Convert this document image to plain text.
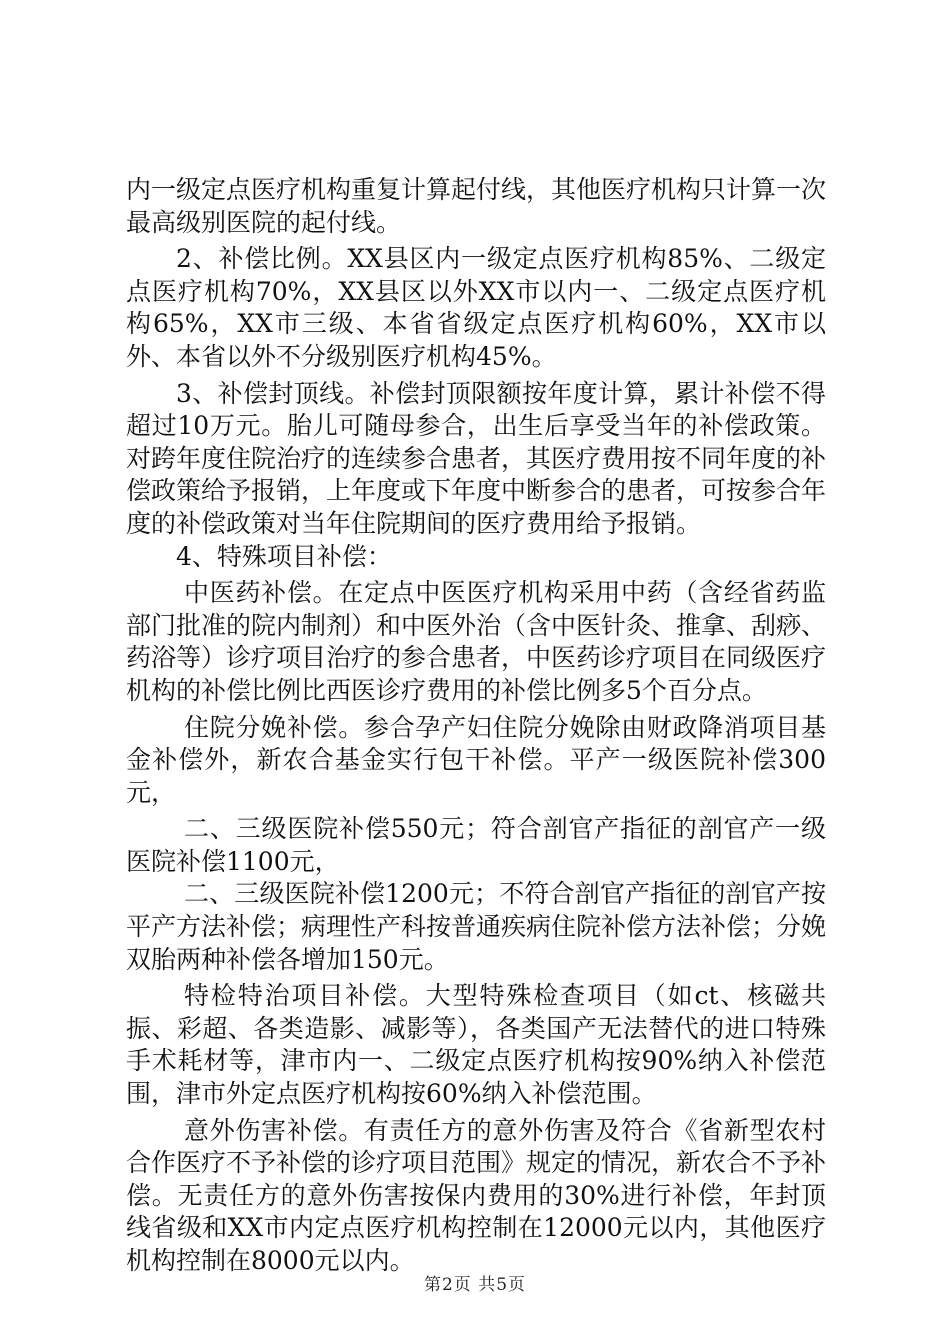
内一级定点医疗机构重复计算起付线，其他医疗机构只计算一次最高级别医院的起付线。

2、补偿比例。XX县区内一级定点医疗机构85%、二级定点医疗机构70%，XX县区以外XX市以内一、二级定点医疗机构65%，XX市三级、本省省级定点医疗机构60%，XX市以外、本省以外不分级别医疗机构45%。

3、补偿封顶线。补偿封顶限额按年度计算，累计补偿不得超过10万元。胎儿可随母参合，出生后享受当年的补偿政策。对跨年度住院治疗的连续参合患者，其医疗费用按不同年度的补偿政策给予报销，上年度或下年度中断参合的患者，可按参合年度的补偿政策对当年住院期间的医疗费用给予报销。

4、特殊项目补偿：

中医药补偿。在定点中医医疗机构采用中药（含经省药监部门批准的院内制剂）和中医外治（含中医针灸、推拿、刮痧、药浴等）诊疗项目治疗的参合患者，中医药诊疗项目在同级医疗机构的补偿比例比西医诊疗费用的补偿比例多5个百分点。

住院分娩补偿。参合孕产妇住院分娩除由财政降消项目基金补偿外，新农合基金实行包干补偿。平产一级医院补偿300元，

二、三级医院补偿550元；符合剖官产指征的剖官产一级医院补偿1100元，

二、三级医院补偿1200元；不符合剖官产指征的剖官产按平产方法补偿；病理性产科按普通疾病住院补偿方法补偿；分娩双胎两种补偿各增加150元。

特检特治项目补偿。大型特殊检查项目（如ct、核磁共振、彩超、各类造影、减影等），各类国产无法替代的进口特殊手术耗材等，津市内一、二级定点医疗机构按90%纳入补偿范围，津市外定点医疗机构按60%纳入补偿范围。

意外伤害补偿。有责任方的意外伤害及符合《省新型农村合作医疗不予补偿的诊疗项目范围》规定的情况，新农合不予补偿。无责任方的意外伤害按保内费用的30%进行补偿，年封顶线省级和XX市内定点医疗机构控制在12000元以内，其他医疗机构控制在8000元以内。

第2页 共5页
